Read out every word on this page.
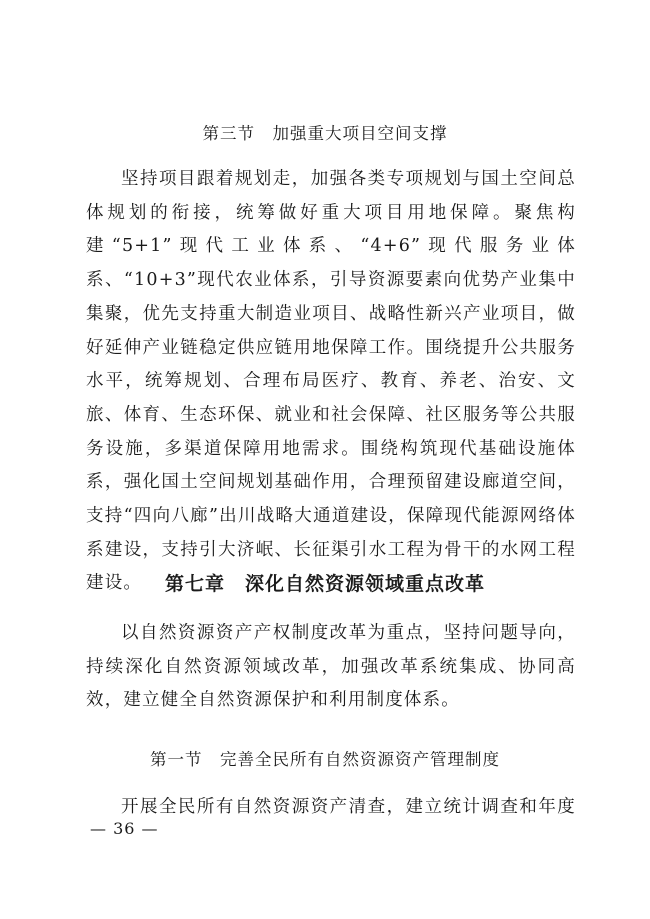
第三节　加强重大项目空间支撑

坚持项目跟着规划走，加强各类专项规划与国土空间总体规划的衔接，统筹做好重大项目用地保障。聚焦构建“5+1”现代工业体系、“4+6”现代服务业体系、“10+3”现代农业体系，引导资源要素向优势产业集中集聚，优先支持重大制造业项目、战略性新兴产业项目，做好延伸产业链稳定供应链用地保障工作。围绕提升公共服务水平，统筹规划、合理布局医疗、教育、养老、治安、文旅、体育、生态环保、就业和社会保障、社区服务等公共服务设施，多渠道保障用地需求。围绕构筑现代基础设施体系，强化国土空间规划基础作用，合理预留建设廊道空间，支持“四向八廊”出川战略大通道建设，保障现代能源网络体系建设，支持引大济岷、长征渠引水工程为骨干的水网工程建设。	第七章　深化自然资源领域重点改革

以自然资源资产产权制度改革为重点，坚持问题导向，持续深化自然资源领域改革，加强改革系统集成、协同高效，建立健全自然资源保护和利用制度体系。

第一节　完善全民所有自然资源资产管理制度

开展全民所有自然资源资产清查，建立统计调查和年度

— 36 —
